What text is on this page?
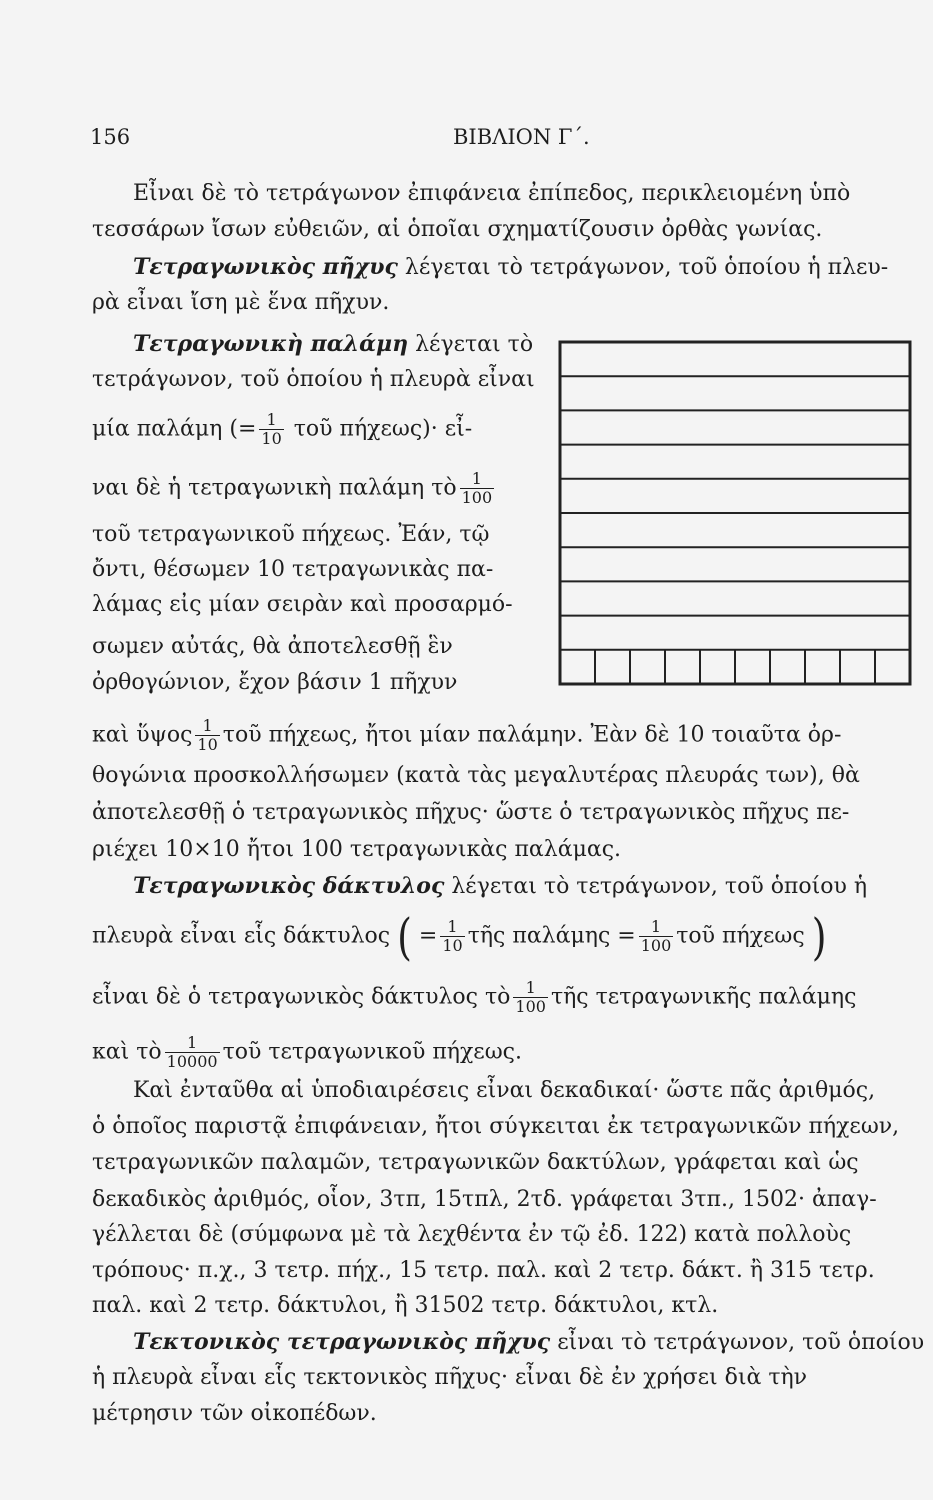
156	ΒΙΒΛΙΟΝ Γ΄.
Εἶναι δὲ τὸ τετράγωνον ἐπιφάνεια ἐπίπεδος, περικλειομένη ὑπὸ
τεσσάρων ἴσων εὐθειῶν, αἱ ὁποῖαι σχηματίζουσιν ὀρθὰς γωνίας.
Τετραγωνικὸς πῆχυς λέγεται τὸ τετράγωνον, τοῦ ὁποίου ἡ πλευ-
ρὰ εἶναι ἴση μὲ ἕνα πῆχυν.
Τετραγωνικὴ παλάμη λέγεται τὸ
τετράγωνον, τοῦ ὁποίου ἡ πλευρὰ εἶναι
μία παλάμη (= $\frac{1}{10}$ τοῦ πήχεως)· εἶ-
ναι δὲ ἡ τετραγωνικὴ παλάμη τὸ $\frac{1}{100}$
τοῦ τετραγωνικοῦ πήχεως. Ἐάν, τῷ
ὄντι, θέσωμεν 10 τετραγωνικὰς πα-
λάμας εἰς μίαν σειρὰν καὶ προσαρμό-
σωμεν αὐτάς, θὰ ἀποτελεσθῇ ἓν
ὀρθογώνιον, ἔχον βάσιν 1 πῆχυν
καὶ ὕψος $\frac{1}{10}$ τοῦ πήχεως, ἤτοι μίαν παλάμην. Ἐὰν δὲ 10 τοιαῦτα ὀρ-
θογώνια προσκολλήσωμεν (κατὰ τὰς μεγαλυτέρας πλευράς των), θὰ
ἀποτελεσθῇ ὁ τετραγωνικὸς πῆχυς· ὥστε ὁ τετραγωνικὸς πῆχυς πε-
ριέχει 10×10 ἤτοι 100 τετραγωνικὰς παλάμας.
Τετραγωνικὸς δάκτυλος λέγεται τὸ τετράγωνον, τοῦ ὁποίου ἡ
πλευρὰ εἶναι εἷς δάκτυλος ( = $\frac{1}{10}$ τῆς $\pi\alpha\lambda ά\mu\eta\varsigma = \frac{1}{100}$ τοῦ πήχεως )
εἶναι δὲ ὁ τετραγωνικὸς δάκτυλος τὸ $\frac{1}{100}$ τῆς τετραγωνικῆς παλάμης
καὶ τὸ $\frac{1}{10000}$ τοῦ τετραγωνικοῦ πήχεως.
Καὶ ἐνταῦθα αἱ ὑποδιαιρέσεις εἶναι δεκαδικαί· ὥστε πᾶς ἀριθμός,
ὁ ὁποῖος παριστᾷ ἐπιφάνειαν, ἤτοι σύγκειται ἐκ τετραγωνικῶν πήχεων,
τετραγωνικῶν παλαμῶν, τετραγωνικῶν δακτύλων, γράφεται καὶ ὡς
δεκαδικὸς ἀριθμός, οἷον, 3τπ, 15τπλ, 2τδ. γράφεται 3τπ., 1502· ἀπαγ-
γέλλεται δὲ (σύμφωνα μὲ τὰ λεχθέντα ἐν τῷ ἐδ. 122) κατὰ πολλοὺς
τρόπους· π.χ., 3 τετρ. πήχ., 15 τετρ. παλ. καὶ 2 τετρ. δάκτ. ἢ 315 τετρ.
παλ. καὶ 2 τετρ. δάκτυλοι, ἢ 31502 τετρ. δάκτυλοι, κτλ.
Τεκτονικὸς τετραγωνικὸς πῆχυς εἶναι τὸ τετράγωνον, τοῦ ὁποίου
ἡ πλευρὰ εἶναι εἷς τεκτονικὸς πῆχυς· εἶναι δὲ ἐν χρήσει διὰ τὴν
μέτρησιν τῶν οἰκοπέδων.
